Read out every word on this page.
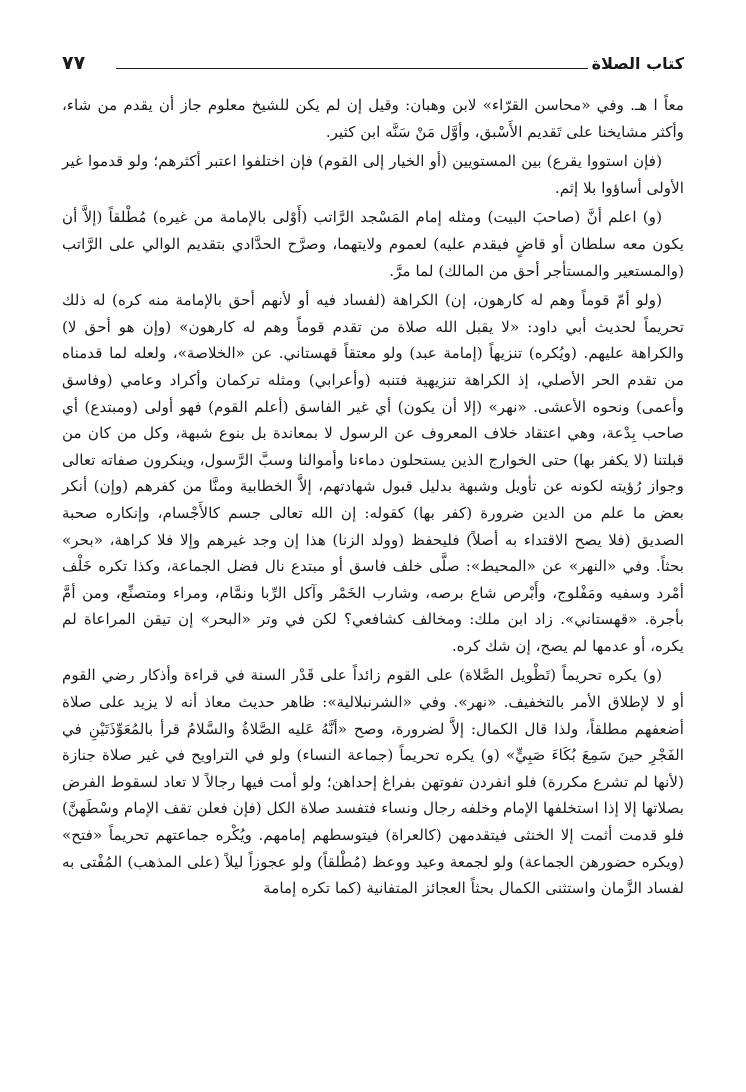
كتاب الصلاة
٧٧

معاً ا هـ. وفي «محاسن القرّاء» لابن وهبان: وقيل إن لم يكن للشيخ معلوم جاز أن يقدم من شاء، وأكثر مشايخنا على تَقديم الأَسْبق، وأوَّل مَنْ سَنَّه ابن كثير.

(فإن استووا يقرع) بين المستويين (أو الخيار إلى القوم) فإن اختلفوا اعتبر أكثرهم؛ ولو قدموا غير الأولى أساؤوا بلا إثم.

(و) اعلم أنَّ (صاحبَ البيت) ومثله إمام المَسْجد الرَّاتب (أَوْلى بالإمامة من غيره) مُطْلقاً (إلاَّ أن يكون معه سلطان أو قاضٍ فيقدم عليه) لعموم ولايتهما، وصرَّح الحدَّادي بتقديم الوالي على الرَّاتب (والمستعير والمستأجر أحق من المالك) لما مرَّ.

(ولو أمّ قوماً وهم له كارهون، إن) الكراهة (لفساد فيه أو لأنهم أحق بالإمامة منه كره) له ذلك تحريماً لحديث أبي داود: «لا يقبل الله صلاة من تقدم قوماً وهم له كارهون» (وإن هو أحق لا) والكراهة عليهم. (ويُكره) تنزيهاً (إمامة عبد) ولو معتقاً قهستاني. عن «الخلاصة»، ولعله لما قدمناه من تقدم الحر الأصلي، إذ الكراهة تنزيهية فتنبه (وأعرابي) ومثله تركمان وأكراد وعامي (وفاسق وأعمى) ونحوه الأعشى. «نهر» (إلا أن يكون) أي غير الفاسق (أعلم القوم) فهو أولى (ومبتدع) أي صاحب بِدْعة، وهي اعتقاد خلاف المعروف عن الرسول لا بمعاندة بل بنوع شبهة، وكل من كان من قبلتنا (لا يكفر بها) حتى الخوارج الذين يستحلون دماءنا وأموالنا وسبَّ الرَّسول، وينكرون صفاته تعالى وجواز رُؤيته لكونه عن تأويل وشبهة بدليل قبول شهادتهم، إلاَّ الخطابية ومنَّا من كفرهم (وإن) أنكر بعض ما علم من الدين ضرورة (كفر بها) كقوله: إن الله تعالى جسم كالأَجْسام، وإنكاره صحبة الصديق (فلا يصح الاقتداء به أصلاً) فليحفظ (وولد الزنا) هذا إن وجد غيرهم وإلا فلا كراهة، «بحر» بحثاً. وفي «النهر» عن «المحيط»: صلَّى خلف فاسق أو مبتدع نال فضل الجماعة، وكذا تكره خَلْف أمْرد وسفيه ومَفْلوج، وأَبْرص شاع برصه، وشارب الخَمْر وآكل الرِّبا ونمَّام، ومراء ومتصنِّع، ومن أمَّ بأجرة. «قهستاني». زاد ابن ملك: ومخالف كشافعي؟ لكن في وتر «البحر» إن تيقن المراعاة لم يكره، أو عدمها لم يصح، إن شك كره.

(و) يكره تحريماً (تَطْويل الصَّلاة) على القوم زائداً على قَدْر السنة في قراءة وأذكار رضي القوم أو لا لإطلاق الأمر بالتخفيف. «نهر». وفي «الشرنبلالية»: ظاهر حديث معاذ أنه لا يزيد على صلاة أضعفهم مطلقاً، ولذا قال الكمال: إلاَّ لضرورة، وصح «أنَّهُ عَليه الصَّلاةُ والسَّلامُ قرأ بالمُعَوِّذَتَيْنِ في الفَجْرِ حينَ سَمِعَ بُكَاءَ صَبِيٍّ» (و) يكره تحريماً (جماعة النساء) ولو في التراويح في غير صلاة جنازة (لأنها لم تشرع مكررة) فلو انفردن تفوتهن بفراغ إحداهن؛ ولو أمت فيها رجالاً لا تعاد لسقوط الفرض بصلاتها إلا إذا استخلفها الإمام وخلفه رجال ونساء فتفسد صلاة الكل (فإن فعلن تقف الإمام وسْطَهنَّ) فلو قدمت أثمت إلا الخنثى فيتقدمهن (كالعراة) فيتوسطهم إمامهم. ويُكْره جماعتهم تحريماً «فتح» (ويكره حضورهن الجماعة) ولو لجمعة وعيد ووعظ (مُطْلقاً) ولو عجوزاً ليلاً (على المذهب) المُفْتى به لفساد الزَّمان واستثنى الكمال بحثاً العجائز المتفانية (كما تكره إمامة
